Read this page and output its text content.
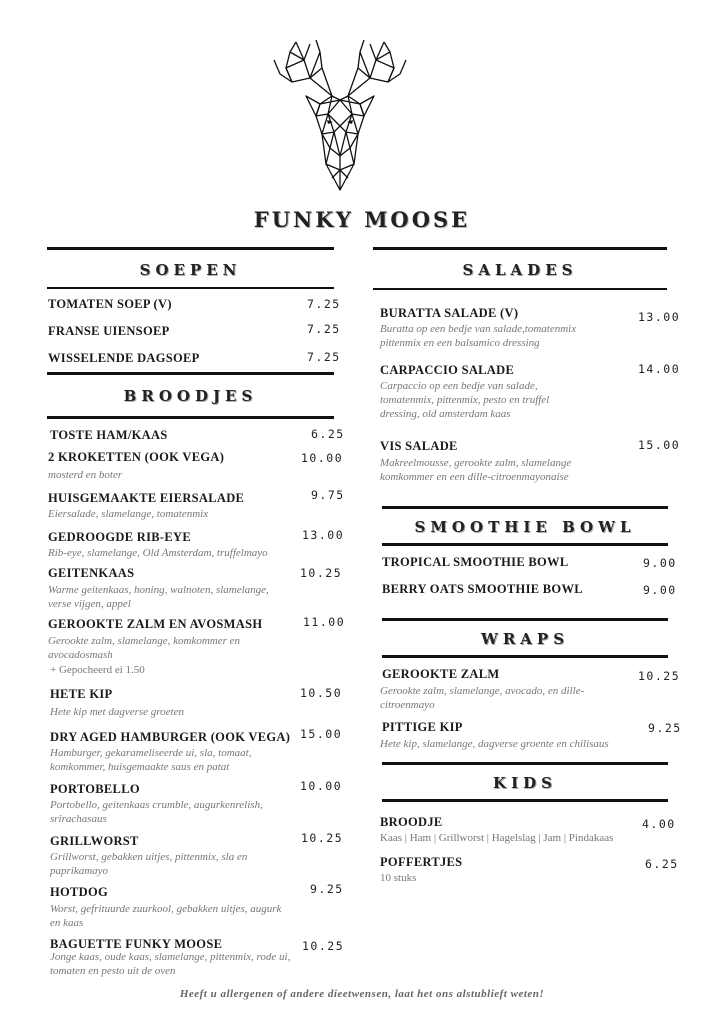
FUNKY MOOSE
SOEPEN
TOMATEN SOEP (V)	7.25
FRANSE UIENSOEP	7.25
WISSELENDE DAGSOEP	7.25
BROODJES
TOSTE HAM/KAAS	6.25
2 KROKETTEN (OOK VEGA)	10.00
mosterd en boter
HUISGEMAAKTE EIERSALADE	9.75
Eiersalade, slamelange, tomatenmix
GEDROOGDE RIB-EYE	13.00
Rib-eye, slamelange, Old Amsterdam, truffelmayo
GEITENKAAS	10.25
Warme geitenkaas, honing, walnoten, slamelange,
verse vijgen, appel
GEROOKTE ZALM EN AVOSMASH	11.00
Gerookte zalm, slamelange, komkommer en
avocadosmash
+ Gepocheerd ei 1.50
HETE KIP	10.50
Hete kip met dagverse groeten
DRY AGED HAMBURGER (OOK VEGA) 15.00
Hamburger, gekarameliseerde ui, sla, tomaat,
komkommer, huisgemaakte saus en patat
PORTOBELLO	10.00
Portobello, geitenkaas crumble, augurkenrelish,
srirachasaus
GRILLWORST	10.25
Grillworst, gebakken uitjes, pittenmix, sla en
paprikamayo
HOTDOG	9.25
Worst, gefrituurde zuurkool, gebakken uitjes, augurk
en kaas
BAGUETTE FUNKY MOOSE	10.25
Jonge kaas, oude kaas, slamelange, pittenmix, rode ui,
tomaten en pesto uit de oven
SALADES
BURATTA SALADE (V)	13.00
Buratta op een bedje van salade,tomatenmix
pittenmix en een balsamico dressing
CARPACCIO SALADE	14.00
Carpaccio op een bedje van salade,
tomatenmix, pittenmix, pesto en truffel
dressing, old amsterdam kaas
VIS SALADE	15.00
Makreelmousse, gerookte zalm, slamelange
komkommer en een dille-citroenmayonaise
SMOOTHIE BOWL
TROPICAL SMOOTHIE BOWL	9.00
BERRY OATS SMOOTHIE BOWL	9.00
WRAPS
GEROOKTE ZALM	10.25
Gerookte zalm, slamelange, avocado, en dille-
citroenmayo
PITTIGE KIP	9.25
Hete kip, slamelange, dagverse groente en chilisaus
KIDS
BROODJE	4.00
Kaas | Ham | Grillworst | Hagelslag | Jam | Pindakaas
POFFERTJES	6.25
10 stuks
Heeft u allergenen of andere dieetwensen, laat het ons alstublieft weten!
